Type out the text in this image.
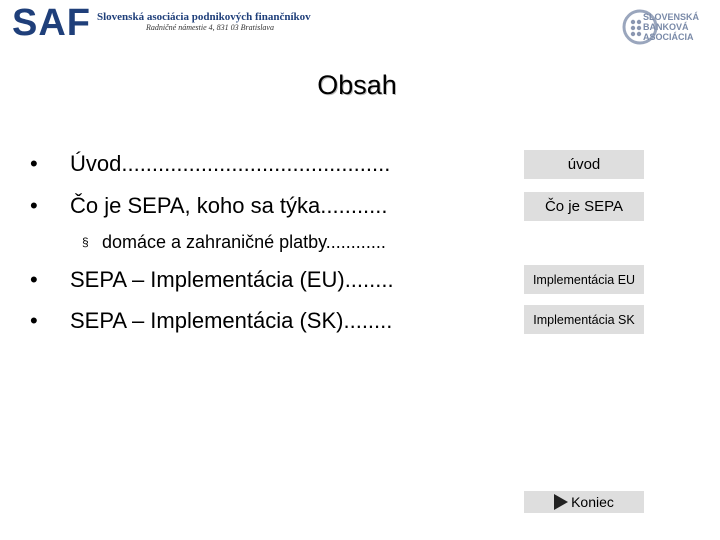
SAF Slovenská asociácia podnikových finančníkov
Radničné námestie 4, 831 03 Bratislava
SLOVENSKÁ
BANKOVÁ
ASOCIÁCIA
Obsah
• Úvod............................................
• Čo je SEPA, koho sa týka...........
§ domáce a zahraničné platby............
• SEPA – Implementácia (EU)........
• SEPA – Implementácia (SK)........
úvod
Čo je SEPA
Implementácia EU
Implementácia SK
Koniec
